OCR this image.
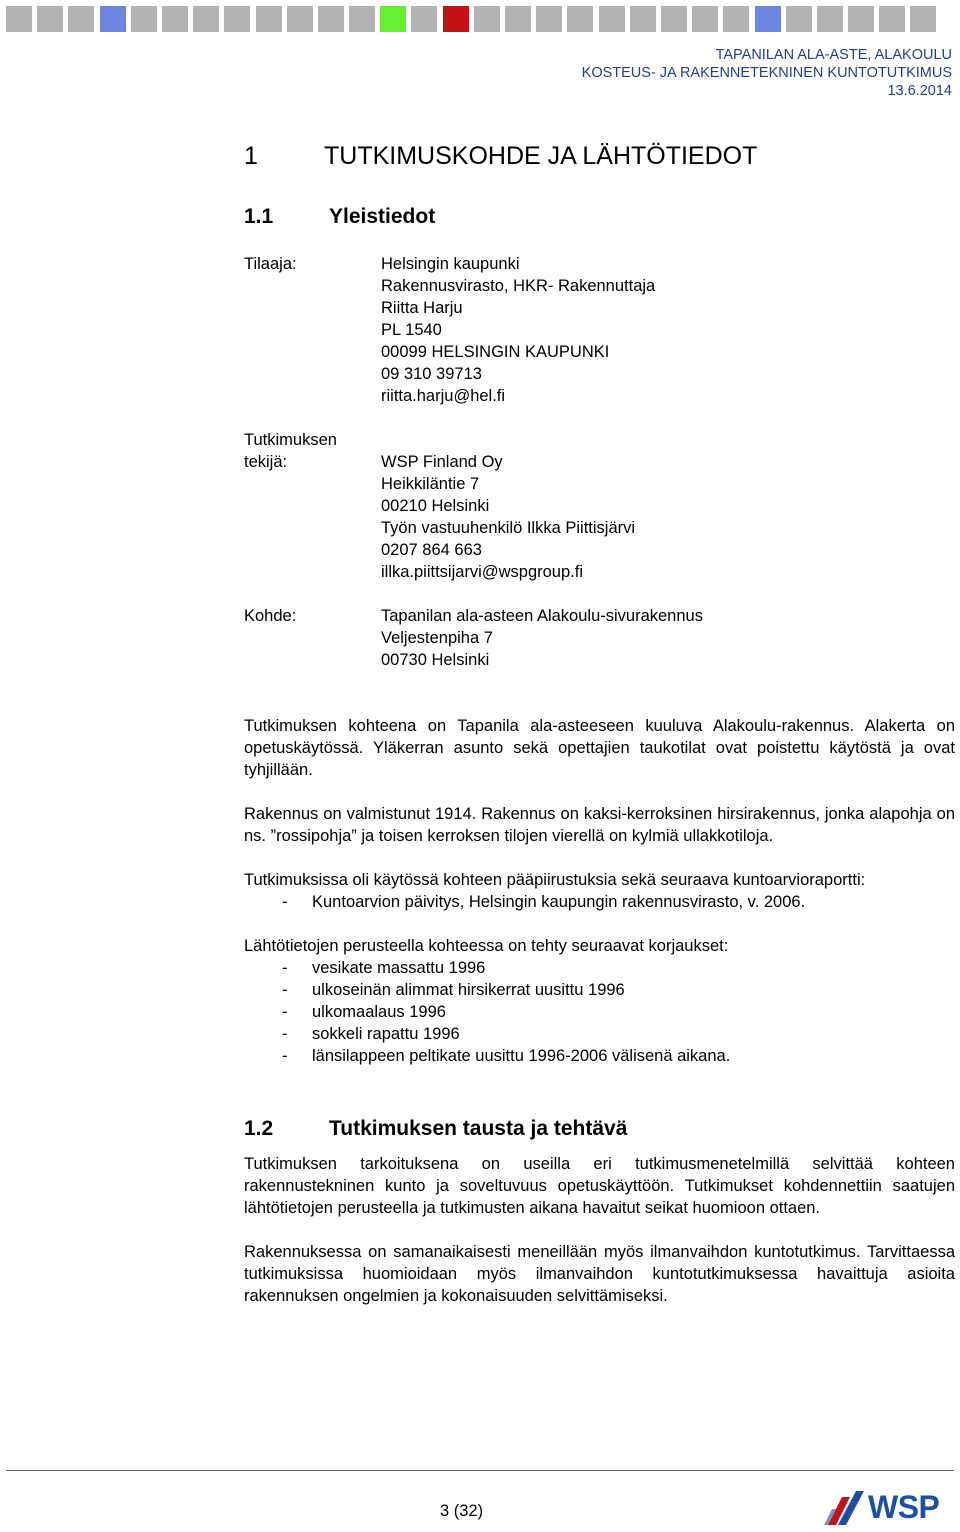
TAPANILAN ALA-ASTE, ALAKOULU
KOSTEUS- JA RAKENNETEKNINEN KUNTOTUTKIMUS
13.6.2014
1	TUTKIMUSKOHDE JA LÄHTÖTIEDOT
1.1	Yleistiedot
Tilaaja:	Helsingin kaupunki
Rakennusvirasto, HKR- Rakennuttaja
Riitta Harju
PL 1540
00099 HELSINGIN KAUPUNKI
09 310 39713
riitta.harju@hel.fi
Tutkimuksen tekijä:	WSP Finland Oy
Heikkiläntie 7
00210 Helsinki
Työn vastuuhenkilö Ilkka Piittisjärvi
0207 864 663
illka.piittsijarvi@wspgroup.fi
Kohde:	Tapanilan ala-asteen Alakoulu-sivurakennus
Veljestenpiha 7
00730 Helsinki

Tutkimuksen kohteena on Tapanila ala-asteeseen kuuluva Alakoulu-rakennus. Alakerta on opetuskäytössä. Yläkerran asunto sekä opettajien taukotilat ovat poistettu käytöstä ja ovat tyhjillään.

Rakennus on valmistunut 1914. Rakennus on kaksi-kerroksinen hirsirakennus, jonka alapohja on ns. ”rossipohja” ja toisen kerroksen tilojen vierellä on kylmiä ullakkotiloja.

Tutkimuksissa oli käytössä kohteen pääpiirustuksia sekä seuraava kuntoarvioraportti:

- Kuntoarvion päivitys, Helsingin kaupungin rakennusvirasto, v. 2006.

Lähtötietojen perusteella kohteessa on tehty seuraavat korjaukset:

- vesikate massattu 1996
- ulkoseinän alimmat hirsikerrat uusittu 1996
- ulkomaalaus 1996
- sokkeli rapattu 1996
- länsilappeen peltikate uusittu 1996-2006 välisenä aikana.
1.2	Tutkimuksen tausta ja tehtävä

Tutkimuksen tarkoituksena on useilla eri tutkimusmenetelmillä selvittää kohteen rakennustekninen kunto ja soveltuvuus opetuskäyttöön. Tutkimukset kohdennettiin saatujen lähtötietojen perusteella ja tutkimusten aikana havaitut seikat huomioon ottaen.

Rakennuksessa on samanaikaisesti meneillään myös ilmanvaihdon kuntotutkimus. Tarvittaessa tutkimuksissa huomioidaan myös ilmanvaihdon kuntotutkimuksessa havaittuja asioita rakennuksen ongelmien ja kokonaisuuden selvittämiseksi.

3 (32)	WSP
